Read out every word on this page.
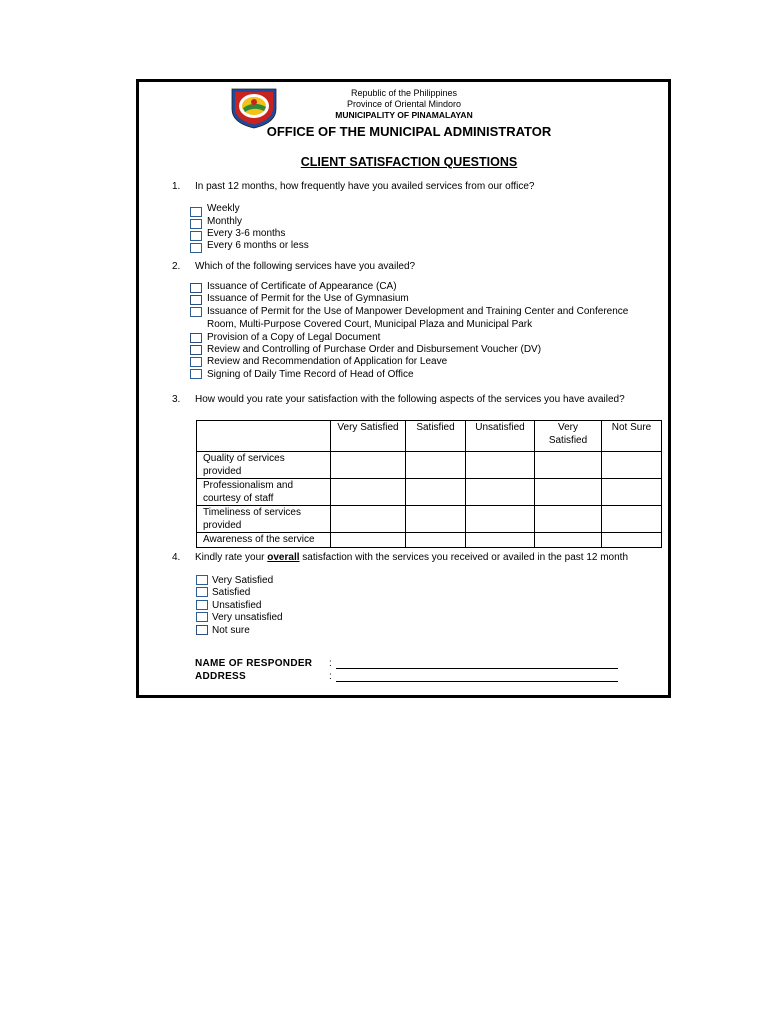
Republic of the Philippines
Province of Oriental Mindoro
MUNICIPALITY OF PINAMALAYAN
OFFICE OF THE MUNICIPAL ADMINISTRATOR
CLIENT SATISFACTION QUESTIONS
1. In past 12 months, how frequently have you availed services from our office?
Weekly
Monthly
Every 3-6 months
Every 6 months or less
2. Which of the following services have you availed?
Issuance of Certificate of Appearance (CA)
Issuance of Permit for the Use of Gymnasium
Issuance of Permit for the Use of Manpower Development and Training Center and Conference
Room, Multi-Purpose Covered Court, Municipal Plaza and Municipal Park
Provision of a Copy of Legal Document
Review and Controlling of Purchase Order and Disbursement Voucher (DV)
Review and Recommendation of Application for Leave
Signing of Daily Time Record of Head of Office
3. How would you rate your satisfaction with the following aspects of the services you have availed?
	Very Satisfied	Satisfied	Unsatisfied	Very Satisfied	Not Sure
Quality of services provided					
Professionalism and courtesy of staff					
Timeliness of services provided					
Awareness of the service					
4. Kindly rate your overall satisfaction with the services you received or availed in the past 12 month
Very Satisfied
Satisfied
Unsatisfied
Very unsatisfied
Not sure
NAME OF RESPONDER :
ADDRESS	:
